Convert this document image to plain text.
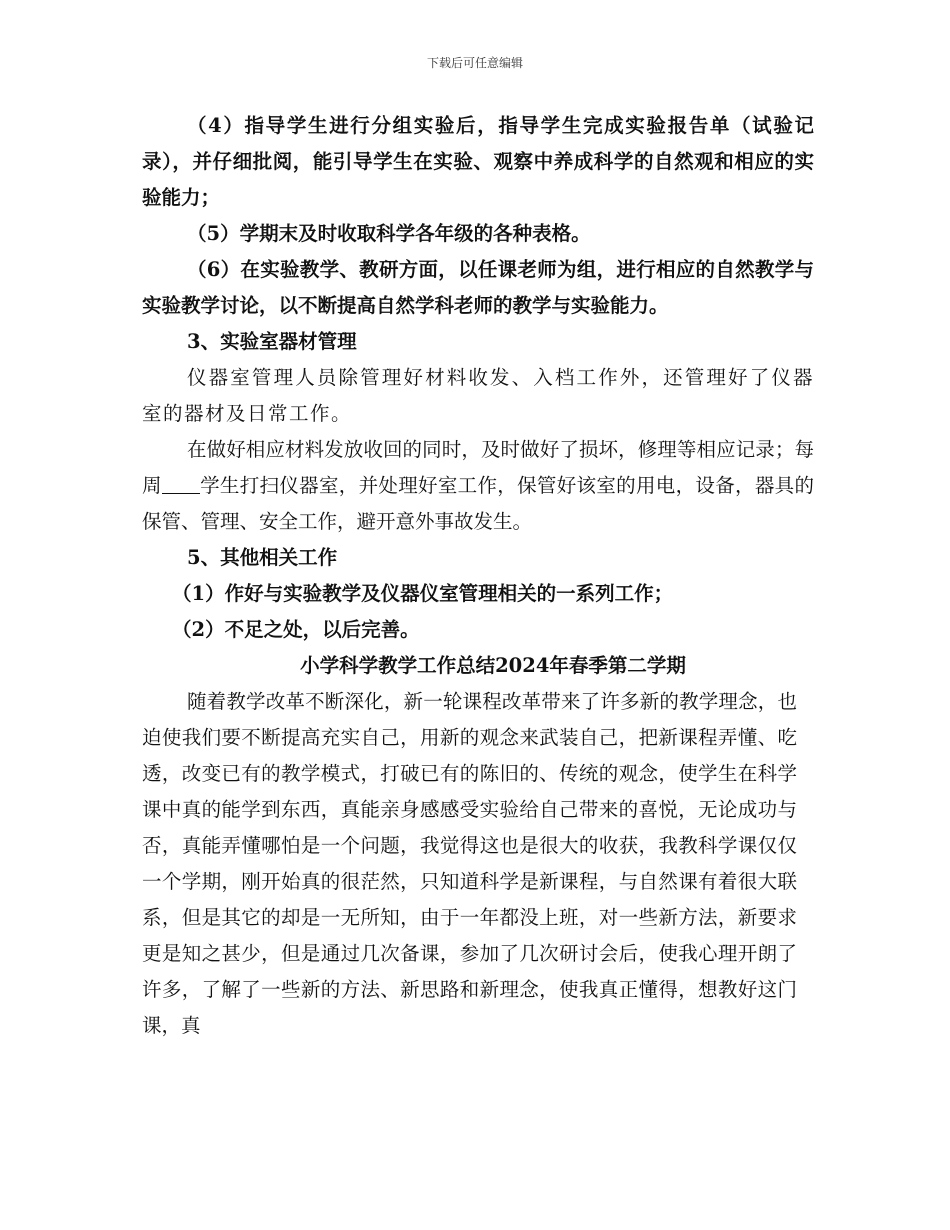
下载后可任意编辑

（4）指导学生进行分组实验后，指导学生完成实验报告单（试验记录），并仔细批阅，能引导学生在实验、观察中养成科学的自然观和相应的实验能力；

（5）学期末及时收取科学各年级的各种表格。

（6）在实验教学、教研方面，以任课老师为组，进行相应的自然教学与实验教学讨论，以不断提高自然学科老师的教学与实验能力。

3、实验室器材管理

仪器室管理人员除管理好材料收发、入档工作外，还管理好了仪器室的器材及日常工作。

在做好相应材料发放收回的同时，及时做好了损坏，修理等相应记录；每周 学生打扫仪器室，并处理好室工作，保管好该室的用电，设备，器具的保管、管理、安全工作，避开意外事故发生。

5、其他相关工作

（1）作好与实验教学及仪器仪室管理相关的一系列工作；

（2）不足之处，以后完善。

小学科学教学工作总结2024年春季第二学期

随着教学改革不断深化，新一轮课程改革带来了许多新的教学理念，也迫使我们要不断提高充实自己，用新的观念来武装自己，把新课程弄懂、吃透，改变已有的教学模式，打破已有的陈旧的、传统的观念，使学生在科学课中真的能学到东西，真能亲身感感受实验给自己带来的喜悦，无论成功与否，真能弄懂哪怕是一个问题，我觉得这也是很大的收获，我教科学课仅仅一个学期，刚开始真的很茫然，只知道科学是新课程，与自然课有着很大联系，但是其它的却是一无所知，由于一年都没上班，对一些新方法，新要求更是知之甚少，但是通过几次备课，参加了几次研讨会后，使我心理开朗了许多，了解了一些新的方法、新思路和新理念，使我真正懂得，想教好这门课，真
